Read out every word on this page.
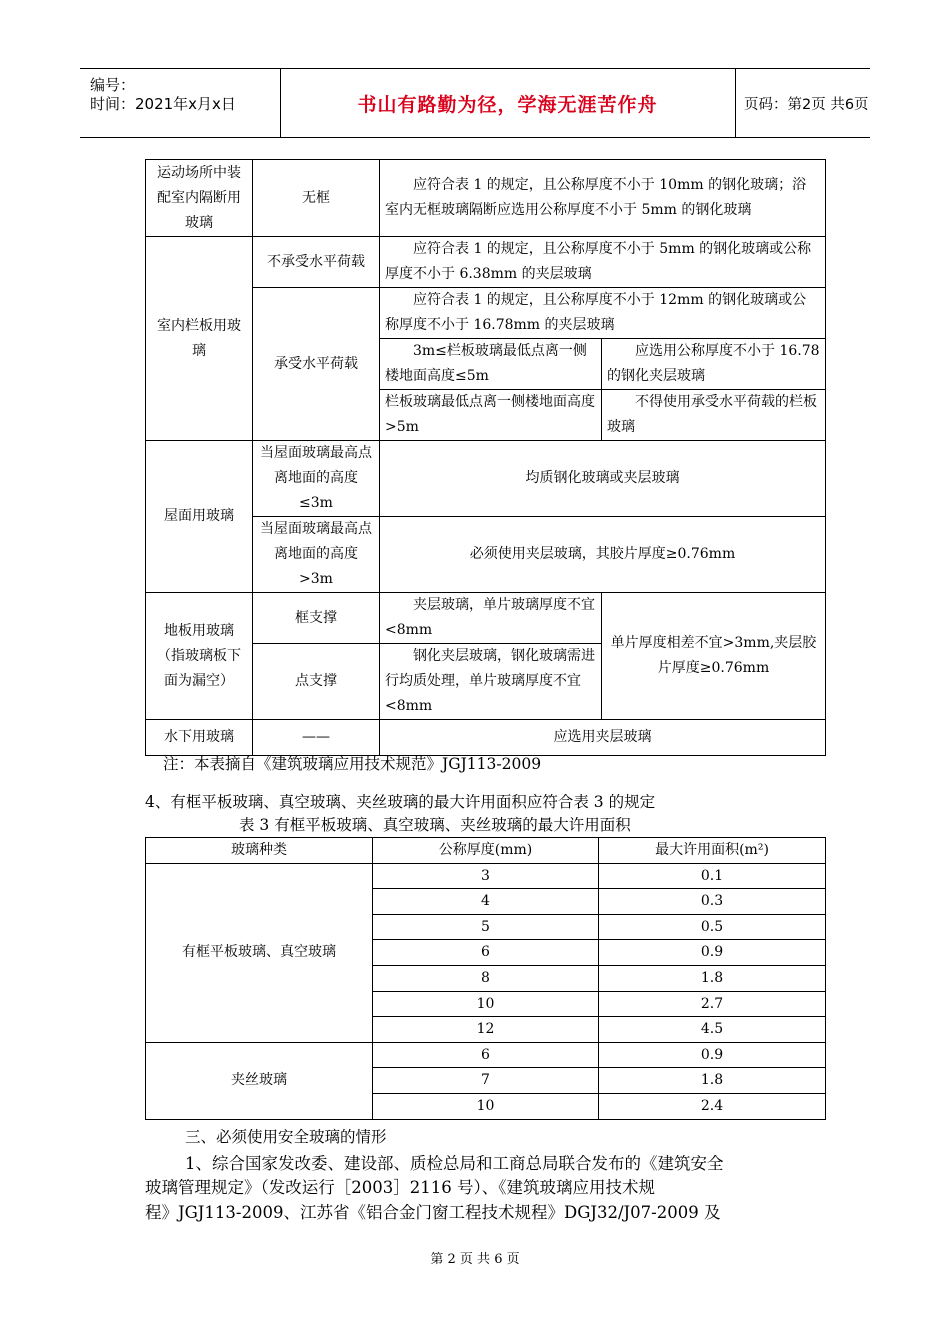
编号：
时间：2021年x月x日	书山有路勤为径，学海无涯苦作舟	页码：第2页 共6页
运动场所中装配室内隔断用玻璃	无框	应符合表 1 的规定，且公称厚度不小于 10mm 的钢化玻璃；浴室内无框玻璃隔断应选用公称厚度不小于 5mm 的钢化玻璃	
室内栏板用玻璃	不承受水平荷载	应符合表 1 的规定，且公称厚度不小于 5mm 的钢化玻璃或公称厚度不小于 6.38mm 的夹层玻璃	
	承受水平荷载	应符合表 1 的规定，且公称厚度不小于 12mm 的钢化玻璃或公称厚度不小于 16.78mm 的夹层玻璃	
		3m≤栏板玻璃最低点离一侧楼地面高度≤5m	应选用公称厚度不小于 16.78 的钢化夹层玻璃
		栏板玻璃最低点离一侧楼地面高度>5m	不得使用承受水平荷载的栏板玻璃
屋面用玻璃	当屋面玻璃最高点离地面的高度≤3m	均质钢化玻璃或夹层玻璃	
	当屋面玻璃最高点离地面的高度>3m	必须使用夹层玻璃，其胶片厚度≥0.76mm	
地板用玻璃（指玻璃板下面为漏空）	框支撑	夹层玻璃，单片玻璃厚度不宜<8mm	单片厚度相差不宜>3mm,夹层胶片厚度≥0.76mm
	点支撑	钢化夹层玻璃，钢化玻璃需进行均质处理，单片玻璃厚度不宜<8mm	
水下用玻璃	——	应选用夹层玻璃	
注：本表摘自《建筑玻璃应用技术规范》JGJ113-2009
4、有框平板玻璃、真空玻璃、夹丝玻璃的最大许用面积应符合表 3 的规定
表 3 有框平板玻璃、真空玻璃、夹丝玻璃的最大许用面积
玻璃种类	公称厚度(mm)	最大许用面积(m²)
有框平板玻璃、真空玻璃	3	0.1
	4	0.3
	5	0.5
	6	0.9
	8	1.8
	10	2.7
	12	4.5
夹丝玻璃	6	0.9
	7	1.8
	10	2.4
三、必须使用安全玻璃的情形
1、综合国家发改委、建设部、质检总局和工商总局联合发布的《建筑安全
玻璃管理规定》（发改运行［2003］2116 号）、《建筑玻璃应用技术规
程》JGJ113-2009、江苏省《铝合金门窗工程技术规程》DGJ32/J07-2009 及
第 2 页 共 6 页
